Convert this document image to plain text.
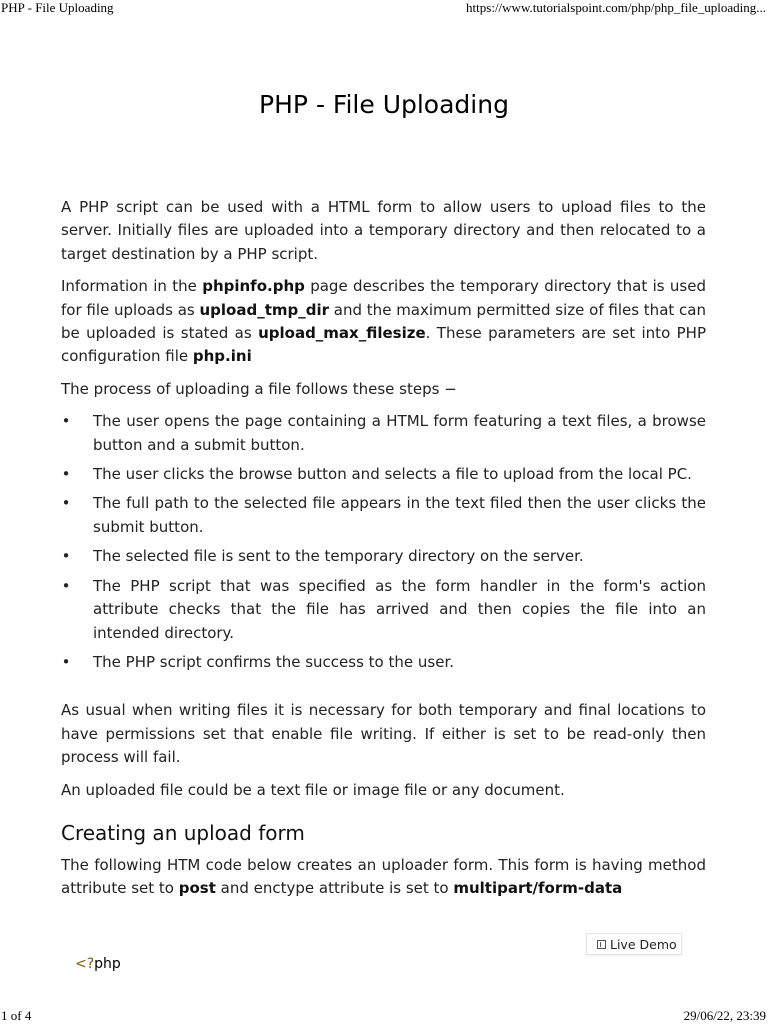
PHP - File Uploading	https://www.tutorialspoint.com/php/php_file_uploading...
PHP - File Uploading

A PHP script can be used with a HTML form to allow users to upload files to the server. Initially files are uploaded into a temporary directory and then relocated to a target destination by a PHP script.

Information in the phpinfo.php page describes the temporary directory that is used for file uploads as upload_tmp_dir and the maximum permitted size of files that can be uploaded is stated as upload_max_filesize. These parameters are set into PHP configuration file php.ini

The process of uploading a file follows these steps −

• The user opens the page containing a HTML form featuring a text files, a browse button and a submit button.
• The user clicks the browse button and selects a file to upload from the local PC.
• The full path to the selected file appears in the text filed then the user clicks the submit button.
• The selected file is sent to the temporary directory on the server.
• The PHP script that was specified as the form handler in the form's action attribute checks that the file has arrived and then copies the file into an intended directory.
• The PHP script confirms the success to the user.

As usual when writing files it is necessary for both temporary and final locations to have permissions set that enable file writing. If either is set to be read-only then process will fail.

An uploaded file could be a text file or image file or any document.

Creating an upload form

The following HTM code below creates an uploader form. This form is having method attribute set to post and enctype attribute is set to multipart/form-data

Live Demo
<?php
1 of 4	29/06/22, 23:39
